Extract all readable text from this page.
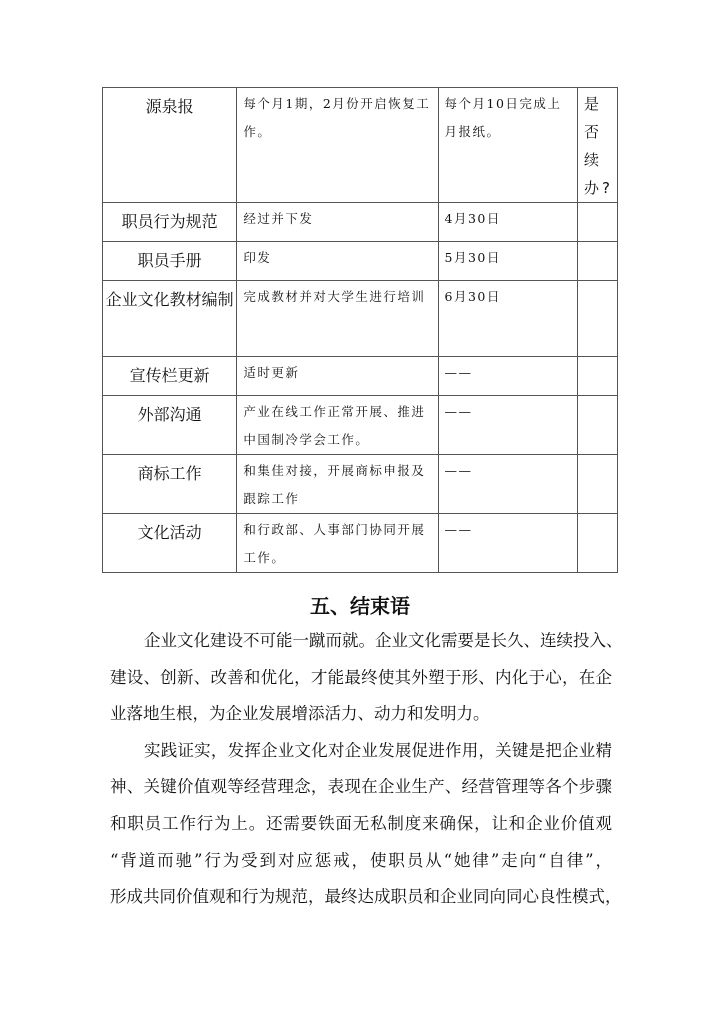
源泉报	每个月1期，2月份开启恢复工作。	每个月10日完成上月报纸。	是否续办?
职员行为规范	经过并下发	4月30日	
职员手册	印发	5月30日	
企业文化教材编制	完成教材并对大学生进行培训	6月30日	
宣传栏更新	适时更新	——	
外部沟通	产业在线工作正常开展、推进中国制冷学会工作。	——	
商标工作	和集佳对接，开展商标申报及跟踪工作	——	
文化活动	和行政部、人事部门协同开展工作。	——	
五、结束语
企业文化建设不可能一蹴而就。企业文化需要是长久、连续投入、
建设、创新、改善和优化，才能最终使其外塑于形、内化于心，在企
业落地生根，为企业发展增添活力、动力和发明力。
实践证实，发挥企业文化对企业发展促进作用，关键是把企业精
神、关键价值观等经营理念，表现在企业生产、经营管理等各个步骤
和职员工作行为上。还需要铁面无私制度来确保，让和企业价值观
“背道而驰”行为受到对应惩戒，使职员从“她律”走向“自律”，
形成共同价值观和行为规范，最终达成职员和企业同向同心良性模式，
